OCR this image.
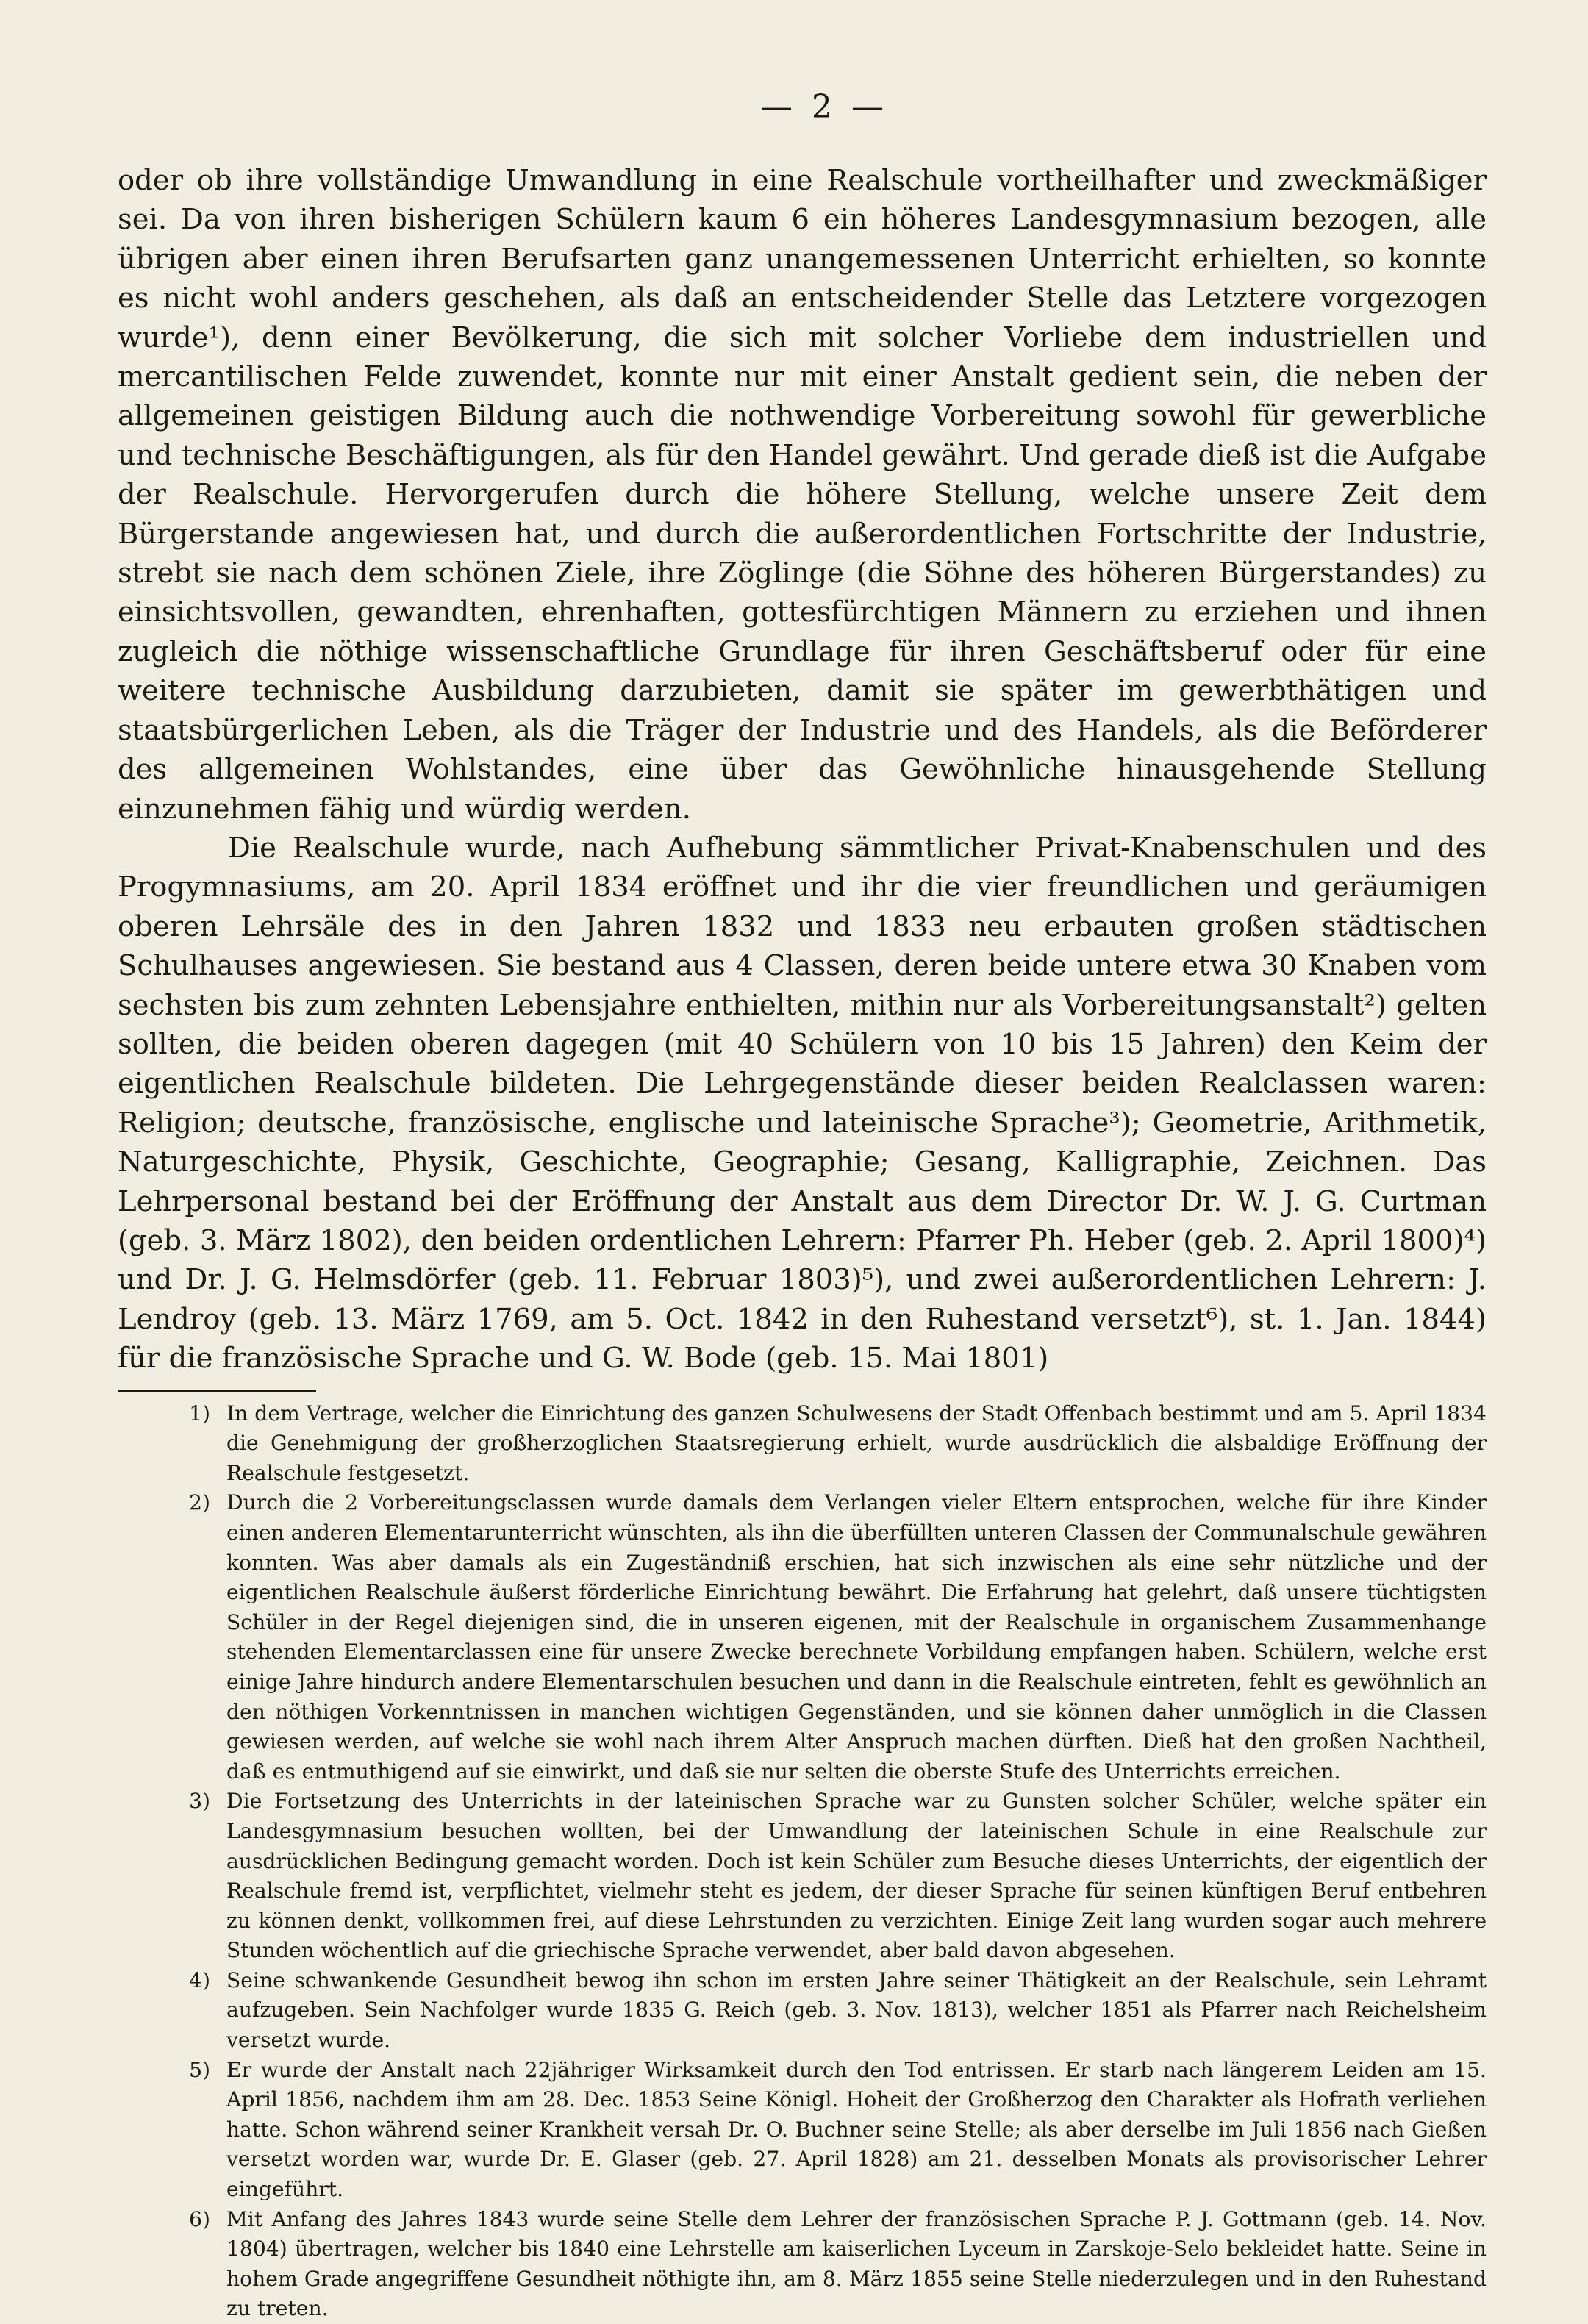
— 2 —

oder ob ihre vollständige Umwandlung in eine Realschule vortheilhafter und zweckmäßiger sei. Da von ihren bisherigen Schülern kaum 6 ein höheres Landesgymnasium bezogen, alle übrigen aber einen ihren Berufsarten ganz unangemessenen Unterricht erhielten, so konnte es nicht wohl anders geschehen, als daß an entscheidender Stelle das Letztere vorgezogen wurde¹), denn einer Bevölkerung, die sich mit solcher Vorliebe dem industriellen und mercantilischen Felde zuwendet, konnte nur mit einer Anstalt gedient sein, die neben der allgemeinen geistigen Bildung auch die nothwendige Vorbereitung sowohl für gewerbliche und technische Beschäftigungen, als für den Handel gewährt. Und gerade dieß ist die Aufgabe der Realschule. Hervorgerufen durch die höhere Stellung, welche unsere Zeit dem Bürgerstande angewiesen hat, und durch die außerordentlichen Fortschritte der Industrie, strebt sie nach dem schönen Ziele, ihre Zöglinge (die Söhne des höheren Bürgerstandes) zu einsichtsvollen, gewandten, ehrenhaften, gottesfürchtigen Männern zu erziehen und ihnen zugleich die nöthige wissenschaftliche Grundlage für ihren Geschäftsberuf oder für eine weitere technische Ausbildung darzubieten, damit sie später im gewerbthätigen und staatsbürgerlichen Leben, als die Träger der Industrie und des Handels, als die Beförderer des allgemeinen Wohlstandes, eine über das Gewöhnliche hinausgehende Stellung einzunehmen fähig und würdig werden.

Die Realschule wurde, nach Aufhebung sämmtlicher Privat-Knabenschulen und des Progymnasiums, am 20. April 1834 eröffnet und ihr die vier freundlichen und geräumigen oberen Lehrsäle des in den Jahren 1832 und 1833 neu erbauten großen städtischen Schulhauses angewiesen. Sie bestand aus 4 Classen, deren beide untere etwa 30 Knaben vom sechsten bis zum zehnten Lebensjahre enthielten, mithin nur als Vorbereitungsanstalt²) gelten sollten, die beiden oberen dagegen (mit 40 Schülern von 10 bis 15 Jahren) den Keim der eigentlichen Realschule bildeten. Die Lehrgegenstände dieser beiden Realclassen waren: Religion; deutsche, französische, englische und lateinische Sprache³); Geometrie, Arithmetik, Naturgeschichte, Physik, Geschichte, Geographie; Gesang, Kalligraphie, Zeichnen. Das Lehrpersonal bestand bei der Eröffnung der Anstalt aus dem Director Dr. W. J. G. Curtman (geb. 3. März 1802), den beiden ordentlichen Lehrern: Pfarrer Ph. Heber (geb. 2. April 1800)⁴) und Dr. J. G. Helmsdörfer (geb. 11. Februar 1803)⁵), und zwei außerordentlichen Lehrern: J. Lendroy (geb. 13. März 1769, am 5. Oct. 1842 in den Ruhestand versetzt⁶), st. 1. Jan. 1844) für die französische Sprache und G. W. Bode (geb. 15. Mai 1801)

1) In dem Vertrage, welcher die Einrichtung des ganzen Schulwesens der Stadt Offenbach bestimmt und am 5. April 1834 die Genehmigung der großherzoglichen Staatsregierung erhielt, wurde ausdrücklich die alsbaldige Eröffnung der Realschule festgesetzt.
2) Durch die 2 Vorbereitungsclassen wurde damals dem Verlangen vieler Eltern entsprochen, welche für ihre Kinder einen anderen Elementarunterricht wünschten, als ihn die überfüllten unteren Classen der Communalschule gewähren konnten. Was aber damals als ein Zugeständniß erschien, hat sich inzwischen als eine sehr nützliche und der eigentlichen Realschule äußerst förderliche Einrichtung bewährt. Die Erfahrung hat gelehrt, daß unsere tüchtigsten Schüler in der Regel diejenigen sind, die in unseren eigenen, mit der Realschule in organischem Zusammenhange stehenden Elementarclassen eine für unsere Zwecke berechnete Vorbildung empfangen haben. Schülern, welche erst einige Jahre hindurch andere Elementarschulen besuchen und dann in die Realschule eintreten, fehlt es gewöhnlich an den nöthigen Vorkenntnissen in manchen wichtigen Gegenständen, und sie können daher unmöglich in die Classen gewiesen werden, auf welche sie wohl nach ihrem Alter Anspruch machen dürften. Dieß hat den großen Nachtheil, daß es entmuthigend auf sie einwirkt, und daß sie nur selten die oberste Stufe des Unterrichts erreichen.
3) Die Fortsetzung des Unterrichts in der lateinischen Sprache war zu Gunsten solcher Schüler, welche später ein Landesgymnasium besuchen wollten, bei der Umwandlung der lateinischen Schule in eine Realschule zur ausdrücklichen Bedingung gemacht worden. Doch ist kein Schüler zum Besuche dieses Unterrichts, der eigentlich der Realschule fremd ist, verpflichtet, vielmehr steht es jedem, der dieser Sprache für seinen künftigen Beruf entbehren zu können denkt, vollkommen frei, auf diese Lehrstunden zu verzichten. Einige Zeit lang wurden sogar auch mehrere Stunden wöchentlich auf die griechische Sprache verwendet, aber bald davon abgesehen.
4) Seine schwankende Gesundheit bewog ihn schon im ersten Jahre seiner Thätigkeit an der Realschule, sein Lehramt aufzugeben. Sein Nachfolger wurde 1835 G. Reich (geb. 3. Nov. 1813), welcher 1851 als Pfarrer nach Reichelsheim versetzt wurde.
5) Er wurde der Anstalt nach 22jähriger Wirksamkeit durch den Tod entrissen. Er starb nach längerem Leiden am 15. April 1856, nachdem ihm am 28. Dec. 1853 Seine Königl. Hoheit der Großherzog den Charakter als Hofrath verliehen hatte. Schon während seiner Krankheit versah Dr. O. Buchner seine Stelle; als aber derselbe im Juli 1856 nach Gießen versetzt worden war, wurde Dr. E. Glaser (geb. 27. April 1828) am 21. desselben Monats als provisorischer Lehrer eingeführt.
6) Mit Anfang des Jahres 1843 wurde seine Stelle dem Lehrer der französischen Sprache P. J. Gottmann (geb. 14. Nov. 1804) übertragen, welcher bis 1840 eine Lehrstelle am kaiserlichen Lyceum in Zarskoje-Selo bekleidet hatte. Seine in hohem Grade angegriffene Gesundheit nöthigte ihn, am 8. März 1855 seine Stelle niederzulegen und in den Ruhestand zu treten.
